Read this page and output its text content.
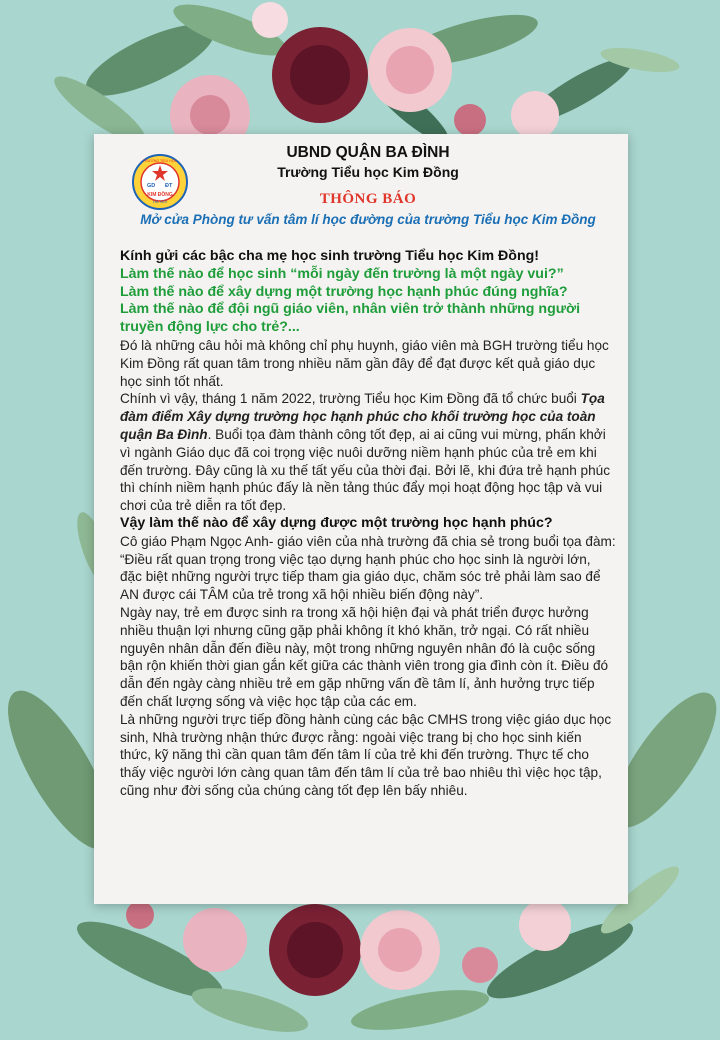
GD ĐT
TRƯỜNG TIỂU HỌC
KIM ĐỒNG
HÀ NỘI
UBND QUẬN BA ĐÌNH
Trường Tiểu học Kim Đồng
THÔNG BÁO
Mở cửa Phòng tư vấn tâm lí học đường của trường Tiểu học Kim Đồng

Kính gửi các bậc cha mẹ học sinh trường Tiểu học Kim Đồng!

Làm thế nào để học sinh “mỗi ngày đến trường là một ngày vui?”

Làm thế nào để xây dựng một trường học hạnh phúc đúng nghĩa?

Làm thế nào để đội ngũ giáo viên, nhân viên trở thành những người truyền động lực cho trẻ?...

Đó là những câu hỏi mà không chỉ phụ huynh, giáo viên mà BGH trường tiểu học Kim Đồng rất quan tâm trong nhiều năm gần đây để đạt được kết quả giáo dục học sinh tốt nhất.

Chính vì vậy, tháng 1 năm 2022, trường Tiểu học Kim Đồng đã tổ chức buổi Tọa đàm điểm Xây dựng trường học hạnh phúc cho khối trường học của toàn quận Ba Đình. Buổi tọa đàm thành công tốt đẹp, ai ai cũng vui mừng, phấn khởi vì ngành Giáo dục đã coi trọng việc nuôi dưỡng niềm hạnh phúc của trẻ em khi đến trường. Đây cũng là xu thế tất yếu của thời đại. Bởi lẽ, khi đứa trẻ hạnh phúc thì chính niềm hạnh phúc đấy là nền tảng thúc đẩy mọi hoạt động học tập và vui chơi của trẻ diễn ra tốt đẹp.

Vậy làm thế nào để xây dựng được một trường học hạnh phúc?

Cô giáo Phạm Ngọc Anh- giáo viên của nhà trường đã chia sẻ trong buổi tọa đàm: “Điều rất quan trọng trong việc tạo dựng hạnh phúc cho học sinh là người lớn, đặc biệt những người trực tiếp tham gia giáo dục, chăm sóc trẻ phải làm sao để AN được cái TÂM của trẻ trong xã hội nhiều biến động này”.

Ngày nay, trẻ em được sinh ra trong xã hội hiện đại và phát triển được hưởng nhiều thuận lợi nhưng cũng gặp phải không ít khó khăn, trở ngại. Có rất nhiều nguyên nhân dẫn đến điều này, một trong những nguyên nhân đó là cuộc sống bận rộn khiến thời gian gắn kết giữa các thành viên trong gia đình còn ít. Điều đó dẫn đến ngày càng nhiều trẻ em gặp những vấn đề tâm lí, ảnh hưởng trực tiếp đến chất lượng sống và việc học tập của các em.

Là những người trực tiếp đồng hành cùng các bậc CMHS trong việc giáo dục học sinh, Nhà trường nhận thức được rằng: ngoài việc trang bị cho học sinh kiến thức, kỹ năng thì cần quan tâm đến tâm lí của trẻ khi đến trường. Thực tế cho thấy việc người lớn càng quan tâm đến tâm lí của trẻ bao nhiêu thì việc học tập, cũng như đời sống của chúng càng tốt đẹp lên bấy nhiêu.
